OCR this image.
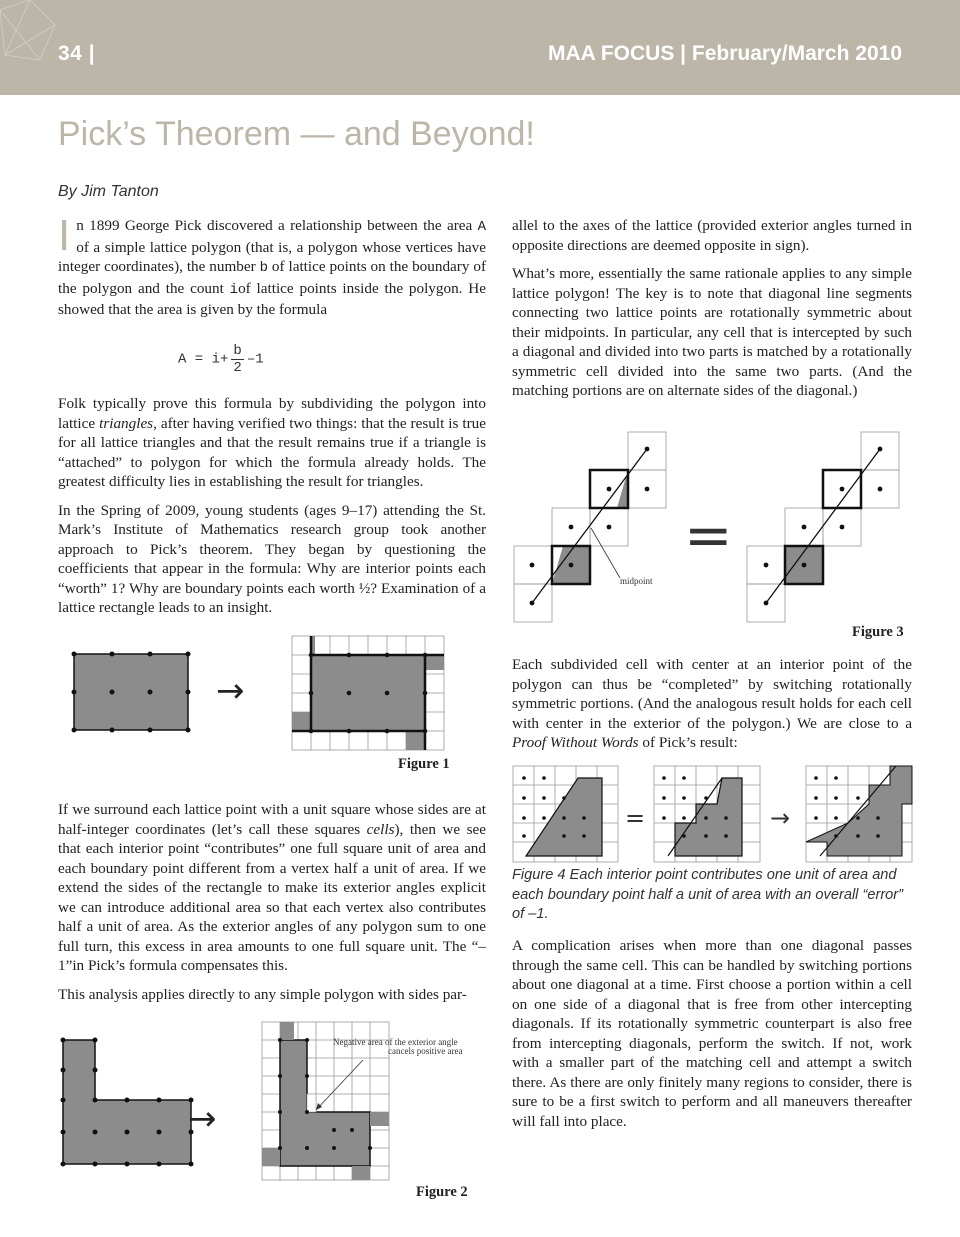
34 |	MAA FOCUS | February/March 2010
Pick’s Theorem — and Beyond!
By Jim Tanton

In 1899 George Pick discovered a relationship between the area A of a simple lattice polygon (that is, a polygon whose vertices have integer coordinates), the number b of lattice points on the boundary of the polygon and the count iof lattice points inside the polygon. He showed that the area is given by the formula

$A = i+ \frac{b}{2} -1$

Folk typically prove this formula by subdividing the polygon into lattice triangles, after having verified two things: that the result is true for all lattice triangles and that the result remains true if a triangle is “attached” to polygon for which the formula already holds. The greatest difficulty lies in establishing the result for triangles.

In the Spring of 2009, young students (ages 9–17) attending the St. Mark’s Institute of Mathematics research group took another approach to Pick’s theorem. They began by questioning the coefficients that appear in the formula: Why are interior points each “worth” 1? Why are boundary points each worth ½? Examination of a lattice rectangle leads to an insight.

→
Figure 1

If we surround each lattice point with a unit square whose sides are at half-integer coordinates (let’s call these squares cells), then we see that each interior point “contributes” one full square unit of area and each boundary point different from a vertex half a unit of area. If we extend the sides of the rectangle to make its exterior angles explicit we can introduce additional area so that each vertex also contributes half a unit of area. As the exterior angles of any polygon sum to one full turn, this excess in area amounts to one full square unit. The “–1”in Pick’s formula compensates this.

This analysis applies directly to any simple polygon with sides par-

→
Negative area of the exterior angle
cancels positive area
Figure 2

allel to the axes of the lattice (provided exterior angles turned in opposite directions are deemed opposite in sign).

What’s more, essentially the same rationale applies to any simple lattice polygon! The key is to note that diagonal line segments connecting two lattice points are rotationally symmetric about their midpoints. In particular, any cell that is intercepted by such a diagonal and divided into two parts is matched by a rotationally symmetric cell divided into the same two parts. (And the matching portions are on alternate sides of the diagonal.)

midpoint
=
Figure 3

Each subdivided cell with center at an interior point of the polygon can thus be “completed” by switching rotationally symmetric portions. (And the analogous result holds for each cell with center in the exterior of the polygon.) We are close to a Proof Without Words of Pick’s result:

=	→
Figure 4 Each interior point contributes one unit of area and each boundary point half a unit of area with an overall “error” of –1.

A complication arises when more than one diagonal passes through the same cell. This can be handled by switching portions about one diagonal at a time. First choose a portion within a cell on one side of a diagonal that is free from other intercepting diagonals. If its rotationally symmetric counterpart is also free from intercepting diagonals, perform the switch. If not, work with a smaller part of the matching cell and attempt a switch there. As there are only finitely many regions to consider, there is sure to be a first switch to perform and all maneuvers thereafter will fall into place.
